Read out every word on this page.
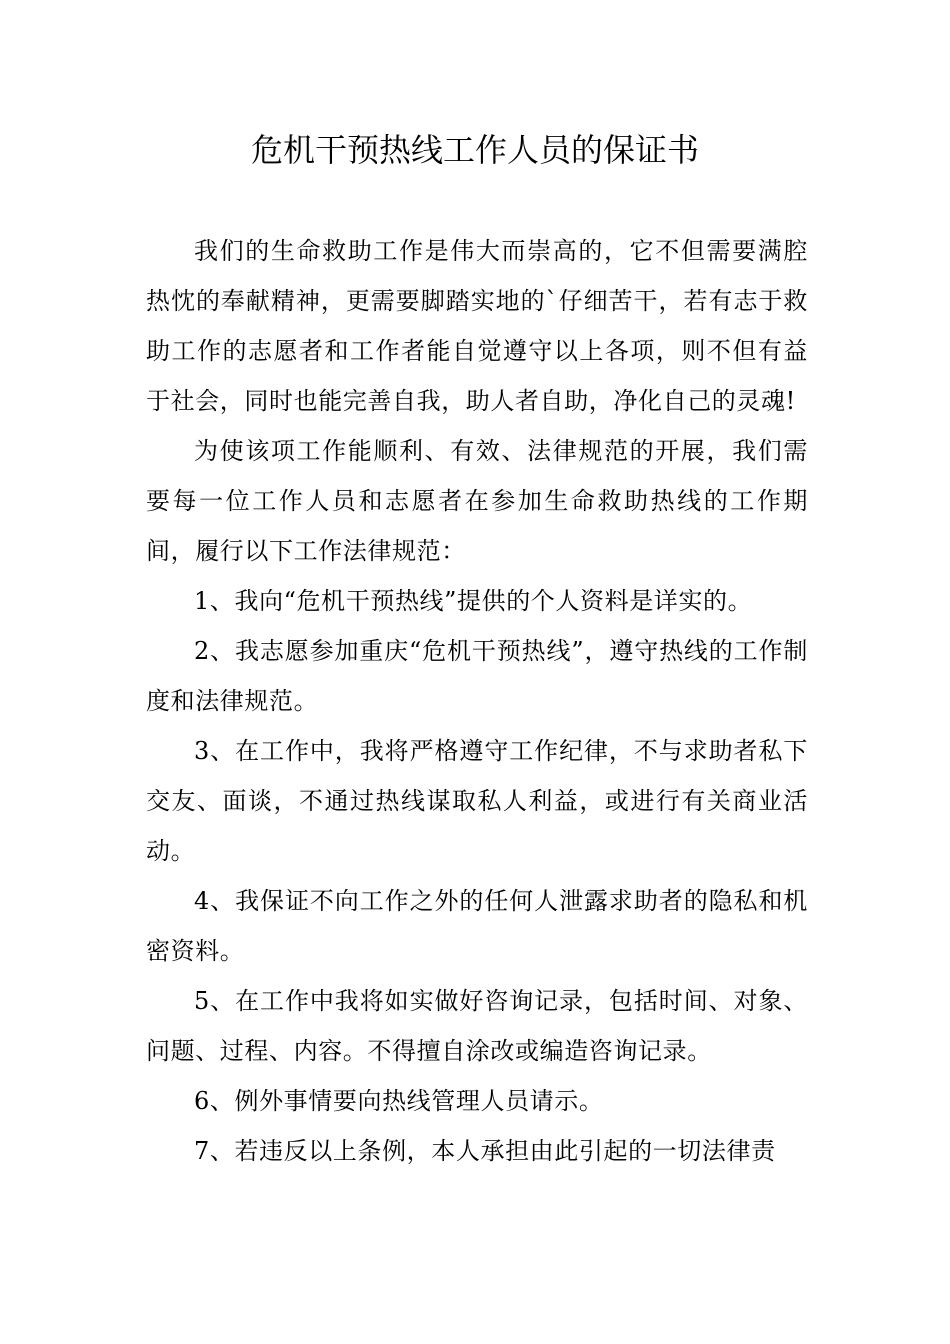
危机干预热线工作人员的保证书

我们的生命救助工作是伟大而崇高的，它不但需要满腔热忱的奉献精神，更需要脚踏实地的`仔细苦干，若有志于救助工作的志愿者和工作者能自觉遵守以上各项，则不但有益于社会，同时也能完善自我，助人者自助，净化自己的灵魂!

为使该项工作能顺利、有效、法律规范的开展，我们需要每一位工作人员和志愿者在参加生命救助热线的工作期间，履行以下工作法律规范：

1、我向“危机干预热线”提供的个人资料是详实的。

2、我志愿参加重庆“危机干预热线”，遵守热线的工作制度和法律规范。

3、在工作中，我将严格遵守工作纪律，不与求助者私下交友、面谈，不通过热线谋取私人利益，或进行有关商业活动。

4、我保证不向工作之外的任何人泄露求助者的隐私和机密资料。

5、在工作中我将如实做好咨询记录，包括时间、对象、问题、过程、内容。不得擅自涂改或编造咨询记录。

6、例外事情要向热线管理人员请示。

7、若违反以上条例，本人承担由此引起的一切法律责
